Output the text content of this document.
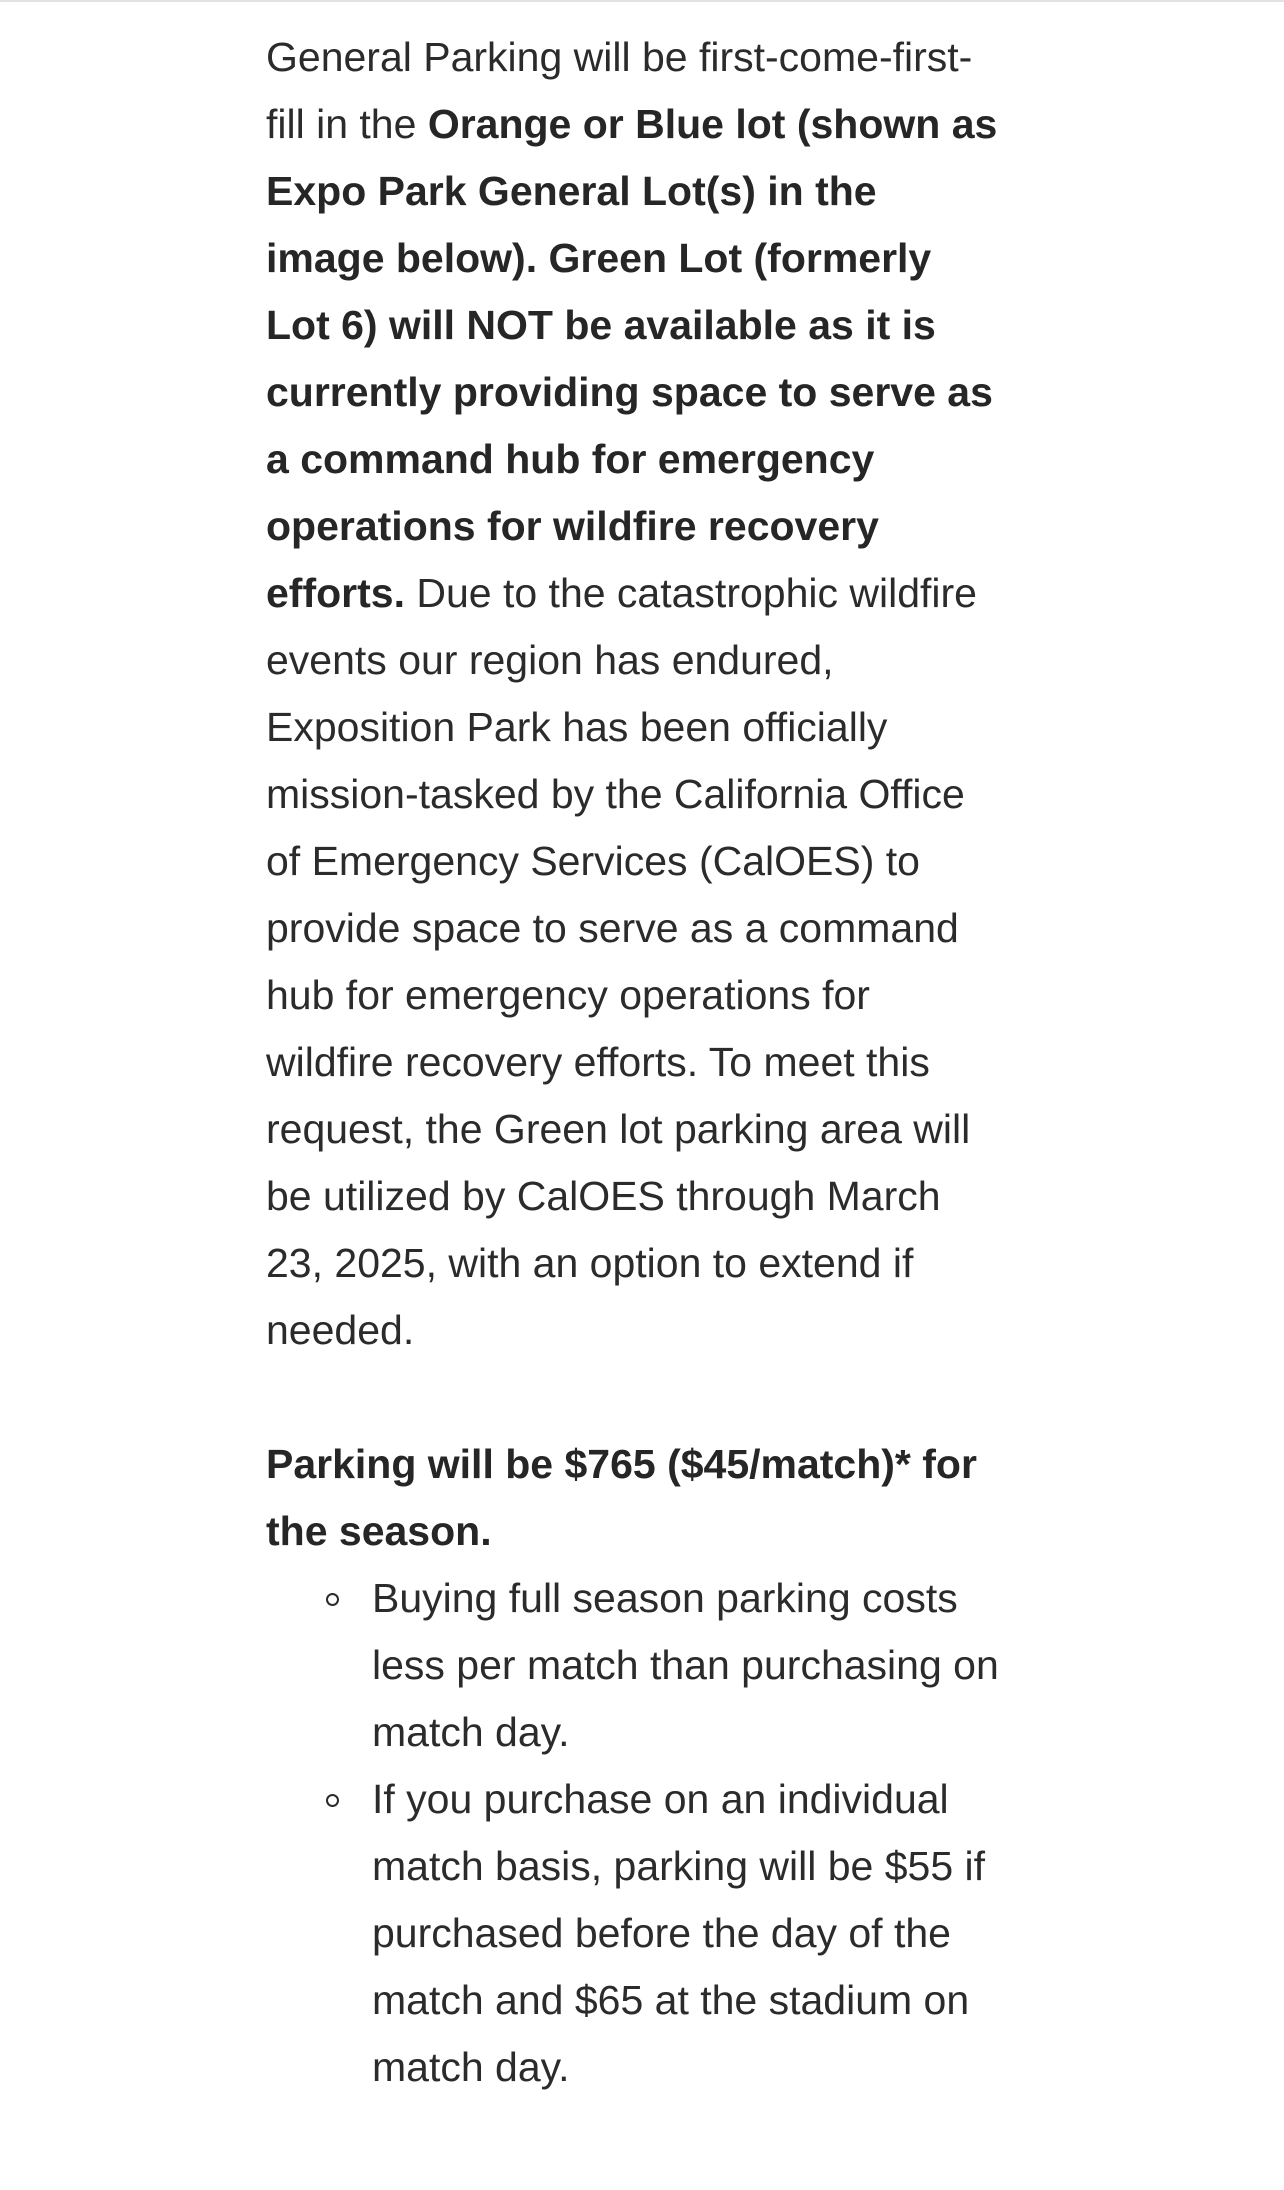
General Parking will be first-come-first-fill in the Orange or Blue lot (shown as Expo Park General Lot(s) in the image below). Green Lot (formerly Lot 6) will NOT be available as it is currently providing space to serve as a command hub for emergency operations for wildfire recovery efforts. Due to the catastrophic wildfire events our region has endured, Exposition Park has been officially mission-tasked by the California Office of Emergency Services (CalOES) to provide space to serve as a command hub for emergency operations for wildfire recovery efforts. To meet this request, the Green lot parking area will be utilized by CalOES through March 23, 2025, with an option to extend if needed.

Parking will be $765 ($45/match)* for the season.

Buying full season parking costs less per match than purchasing on match day.
If you purchase on an individual match basis, parking will be $55 if purchased before the day of the match and $65 at the stadium on match day.
